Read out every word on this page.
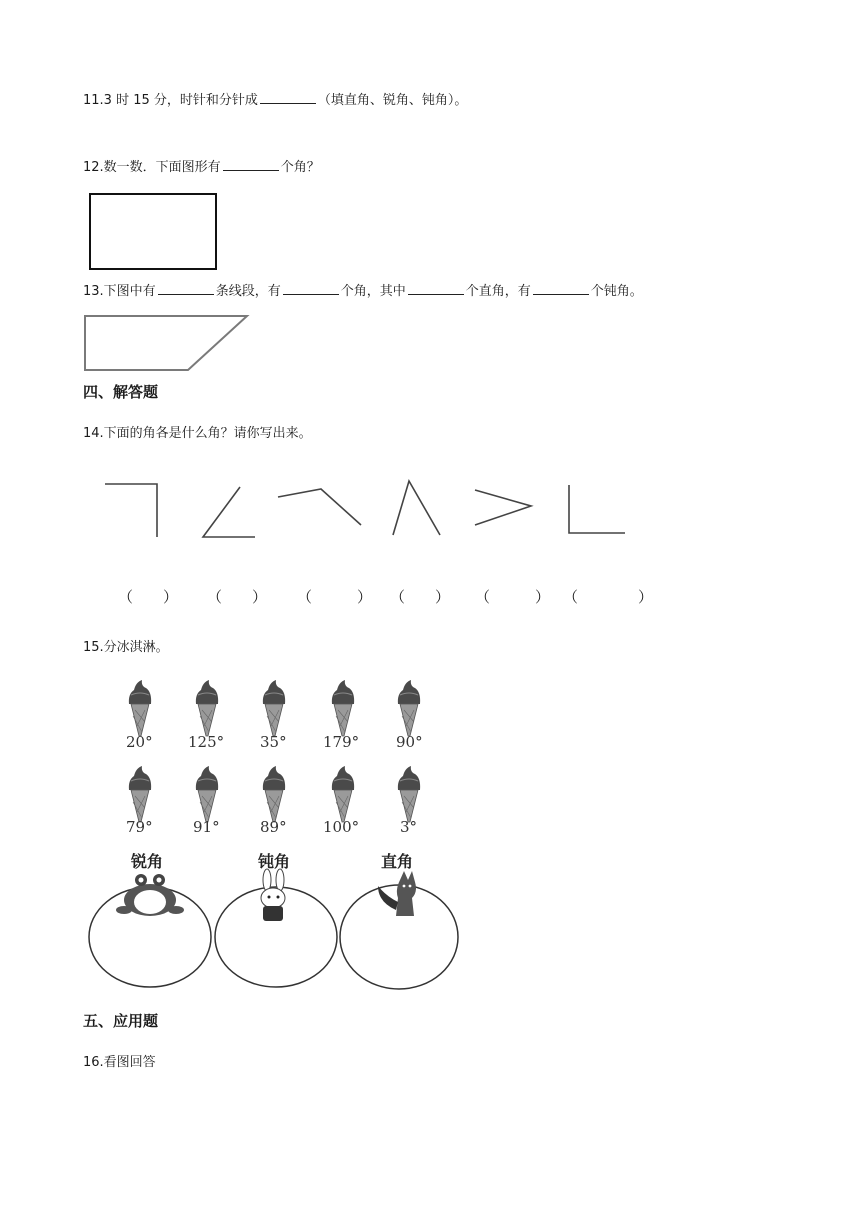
11.3 时 15 分，时针和分针成	（填直角、锐角、钝角）。
12.数一数．下面图形有	个角？
13.下图中有	条线段，有	个角，其中	个直角，有	个钝角。
四、解答题
14.下面的角各是什么角？请你写出来。
（　　） （　　） （　　　） （　　） （　　　） （　　　　）
15.分冰淇淋。
20° 125° 35° 179° 90°
79°	91°	89° 100°	3°
锐角	钝角	直角
五、应用题
16.看图回答
